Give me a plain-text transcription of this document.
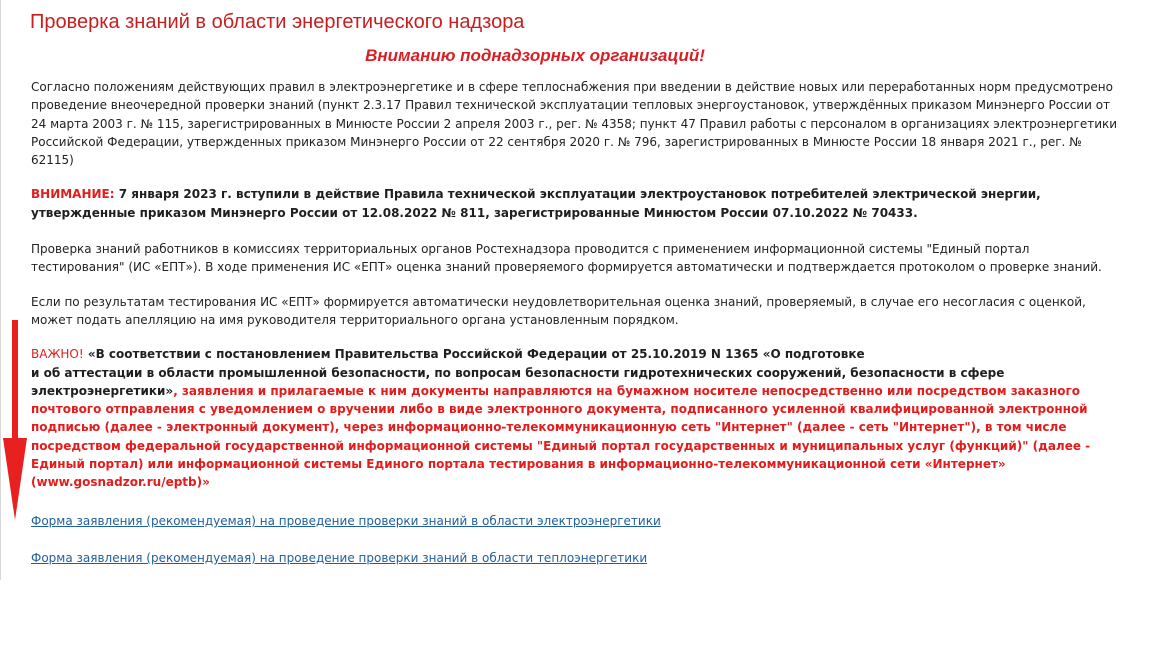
Проверка знаний в области энергетического надзора
Вниманию поднадзорных организаций!

Согласно положениям действующих правил в электроэнергетике и в сфере теплоснабжения при введении в действие новых или переработанных норм предусмотрено проведение внеочередной проверки знаний (пункт 2.3.17 Правил технической эксплуатации тепловых энергоустановок, утверждённых приказом Минэнерго России от 24 марта 2003 г. № 115, зарегистрированных в Минюсте России 2 апреля 2003 г., рег. № 4358; пункт 47 Правил работы с персоналом в организациях электроэнергетики Российской Федерации, утвержденных приказом Минэнерго России от 22 сентября 2020 г. № 796, зарегистрированных в Минюсте России 18 января 2021 г., рег. № 62115)

ВНИМАНИЕ: 7 января 2023 г. вступили в действие Правила технической эксплуатации электроустановок потребителей электрической энергии, утвержденные приказом Минэнерго России от 12.08.2022 № 811, зарегистрированные Минюстом России 07.10.2022 № 70433.

Проверка знаний работников в комиссиях территориальных органов Ростехнадзора проводится с применением информационной системы "Единый портал тестирования" (ИС «ЕПТ»). В ходе применения ИС «ЕПТ» оценка знаний проверяемого формируется автоматически и подтверждается протоколом о проверке знаний.

Если по результатам тестирования ИС «ЕПТ» формируется автоматически неудовлетворительная оценка знаний, проверяемый, в случае его несогласия с оценкой, может подать апелляцию на имя руководителя территориального органа установленным порядком.

ВАЖНО! «В соответствии с постановлением Правительства Российской Федерации от 25.10.2019 N 1365 «О подготовке
и об аттестации в области промышленной безопасности, по вопросам безопасности гидротехнических сооружений, безопасности в сфере электроэнергетики», заявления и прилагаемые к ним документы направляются на бумажном носителе непосредственно или посредством заказного почтового отправления с уведомлением о вручении либо в виде электронного документа, подписанного усиленной квалифицированной электронной подписью (далее - электронный документ), через информационно-телекоммуникационную сеть "Интернет" (далее - сеть "Интернет"), в том числе посредством федеральной государственной информационной системы "Единый портал государственных и муниципальных услуг (функций)" (далее - Единый портал) или информационной системы Единого портала тестирования в информационно-телекоммуникационной сети «Интернет» (www.gosnadzor.ru/eptb)»

Форма заявления (рекомендуемая) на проведение проверки знаний в области электроэнергетики
Форма заявления (рекомендуемая) на проведение проверки знаний в области теплоэнергетики
